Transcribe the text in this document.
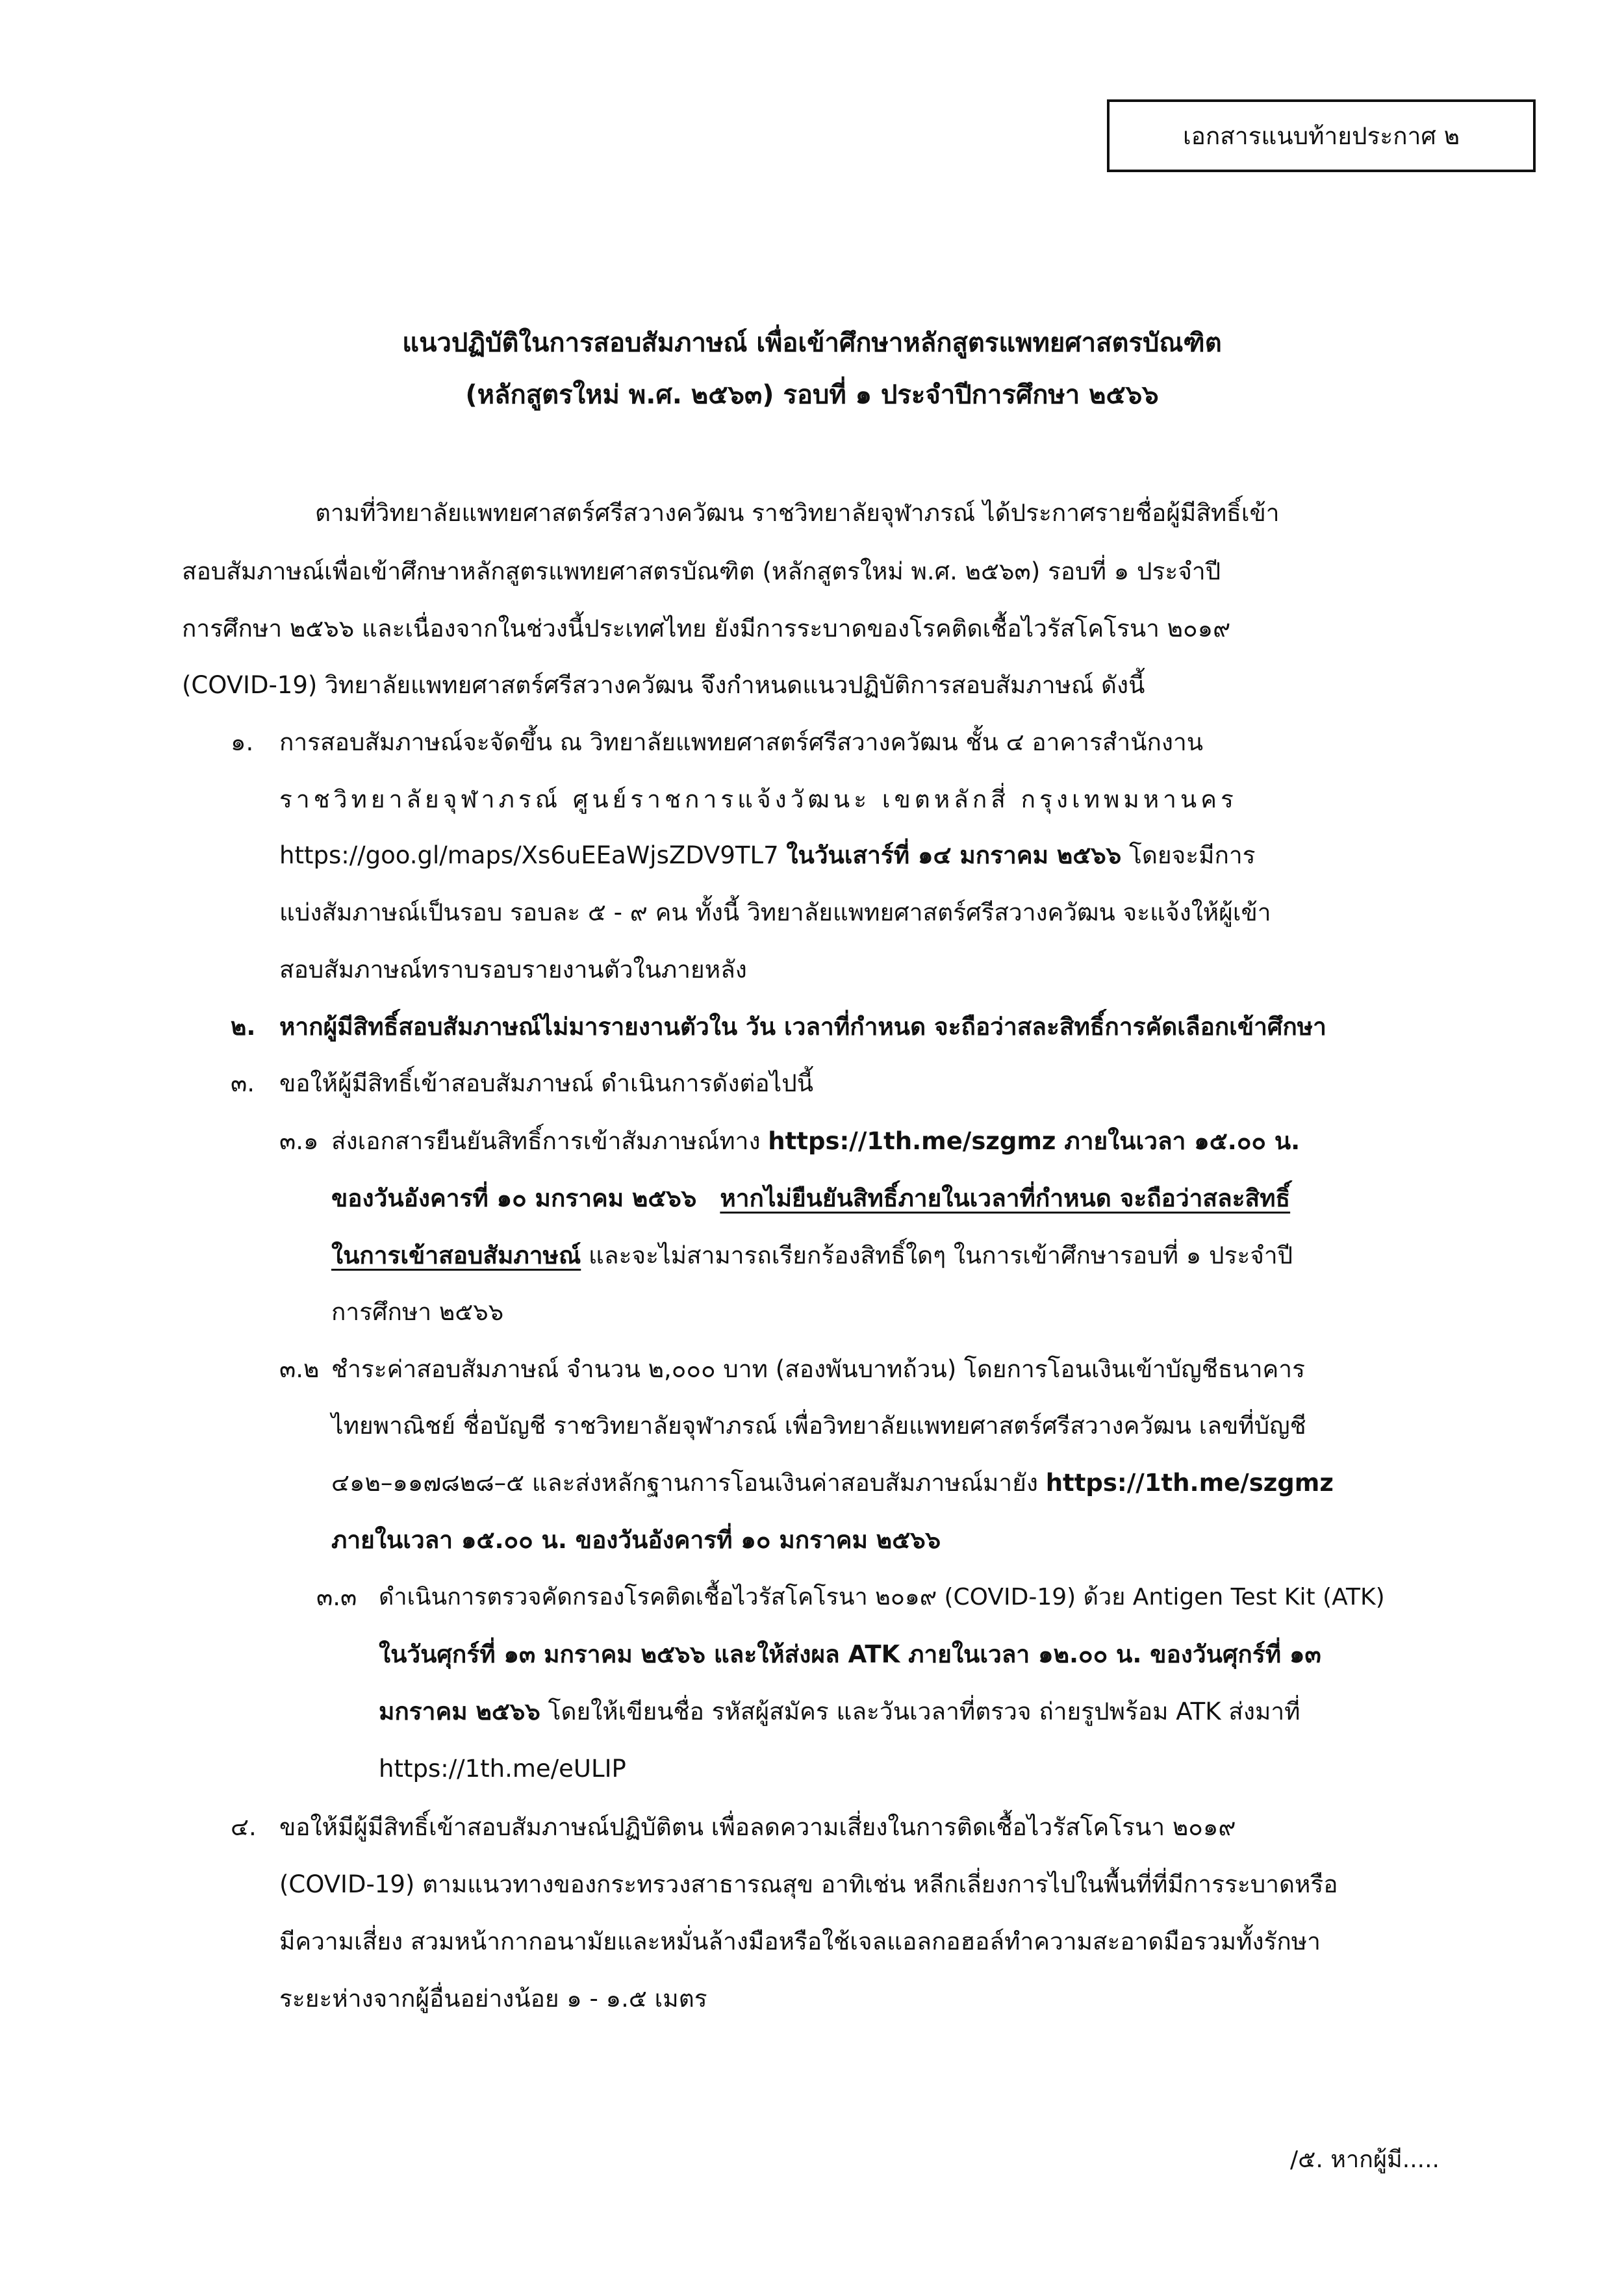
เอกสารแนบท้ายประกาศ ๒
แนวปฏิบัติในการสอบสัมภาษณ์ เพื่อเข้าศึกษาหลักสูตรแพทยศาสตรบัณฑิต
(หลักสูตรใหม่ พ.ศ. ๒๕๖๓) รอบที่ ๑ ประจำปีการศึกษา ๒๕๖๖
ตามที่วิทยาลัยแพทยศาสตร์ศรีสวางควัฒน ราชวิทยาลัยจุฬาภรณ์ ได้ประกาศรายชื่อผู้มีสิทธิ์เข้า
สอบสัมภาษณ์เพื่อเข้าศึกษาหลักสูตรแพทยศาสตรบัณฑิต (หลักสูตรใหม่ พ.ศ. ๒๕๖๓) รอบที่ ๑ ประจำปี
การศึกษา ๒๕๖๖ และเนื่องจากในช่วงนี้ประเทศไทย ยังมีการระบาดของโรคติดเชื้อไวรัสโคโรนา ๒๐๑๙
(COVID-19) วิทยาลัยแพทยศาสตร์ศรีสวางควัฒน จึงกำหนดแนวปฏิบัติการสอบสัมภาษณ์ ดังนี้
๑. การสอบสัมภาษณ์จะจัดขึ้น ณ วิทยาลัยแพทยศาสตร์ศรีสวางควัฒน ชั้น ๔ อาคารสำนักงาน
ราชวิทยาลัยจุฬาภรณ์ ศูนย์ราชการแจ้งวัฒนะ เขตหลักสี่ กรุงเทพมหานคร
https://goo.gl/maps/Xs6uEEaWjsZDV9TL7 ในวันเสาร์ที่ ๑๔ มกราคม ๒๕๖๖ โดยจะมีการ
แบ่งสัมภาษณ์เป็นรอบ รอบละ ๕ - ๙ คน ทั้งนี้ วิทยาลัยแพทยศาสตร์ศรีสวางควัฒน จะแจ้งให้ผู้เข้า
สอบสัมภาษณ์ทราบรอบรายงานตัวในภายหลัง
๒. หากผู้มีสิทธิ์สอบสัมภาษณ์ไม่มารายงานตัวใน วัน เวลาที่กำหนด จะถือว่าสละสิทธิ์การคัดเลือกเข้าศึกษา
๓. ขอให้ผู้มีสิทธิ์เข้าสอบสัมภาษณ์ ดำเนินการดังต่อไปนี้
๓.๑ ส่งเอกสารยืนยันสิทธิ์การเข้าสัมภาษณ์ทาง https://1th.me/szgmz ภายในเวลา ๑๕.๐๐ น.
ของวันอังคารที่ ๑๐ มกราคม ๒๕๖๖ หากไม่ยืนยันสิทธิ์ภายในเวลาที่กำหนด จะถือว่าสละสิทธิ์
ในการเข้าสอบสัมภาษณ์ และจะไม่สามารถเรียกร้องสิทธิ์ใดๆ ในการเข้าศึกษารอบที่ ๑ ประจำปี
การศึกษา ๒๕๖๖
๓.๒ ชำระค่าสอบสัมภาษณ์ จำนวน ๒,๐๐๐ บาท (สองพันบาทถ้วน) โดยการโอนเงินเข้าบัญชีธนาคาร
ไทยพาณิชย์ ชื่อบัญชี ราชวิทยาลัยจุฬาภรณ์ เพื่อวิทยาลัยแพทยศาสตร์ศรีสวางควัฒน เลขที่บัญชี
๔๑๒–๑๑๗๘๒๘–๕ และส่งหลักฐานการโอนเงินค่าสอบสัมภาษณ์มายัง https://1th.me/szgmz
ภายในเวลา ๑๕.๐๐ น. ของวันอังคารที่ ๑๐ มกราคม ๒๕๖๖
๓.๓ ดำเนินการตรวจคัดกรองโรคติดเชื้อไวรัสโคโรนา ๒๐๑๙ (COVID-19) ด้วย Antigen Test Kit (ATK)
ในวันศุกร์ที่ ๑๓ มกราคม ๒๕๖๖ และให้ส่งผล ATK ภายในเวลา ๑๒.๐๐ น. ของวันศุกร์ที่ ๑๓
มกราคม ๒๕๖๖ โดยให้เขียนชื่อ รหัสผู้สมัคร และวันเวลาที่ตรวจ ถ่ายรูปพร้อม ATK ส่งมาที่
https://1th.me/eULIP
๔. ขอให้มีผู้มีสิทธิ์เข้าสอบสัมภาษณ์ปฏิบัติตน เพื่อลดความเสี่ยงในการติดเชื้อไวรัสโคโรนา ๒๐๑๙
(COVID-19) ตามแนวทางของกระทรวงสาธารณสุข อาทิเช่น หลีกเลี่ยงการไปในพื้นที่ที่มีการระบาดหรือ
มีความเสี่ยง สวมหน้ากากอนามัยและหมั่นล้างมือหรือใช้เจลแอลกอฮอล์ทำความสะอาดมือรวมทั้งรักษา
ระยะห่างจากผู้อื่นอย่างน้อย ๑ - ๑.๕ เมตร
/๕. หากผู้มี.....
